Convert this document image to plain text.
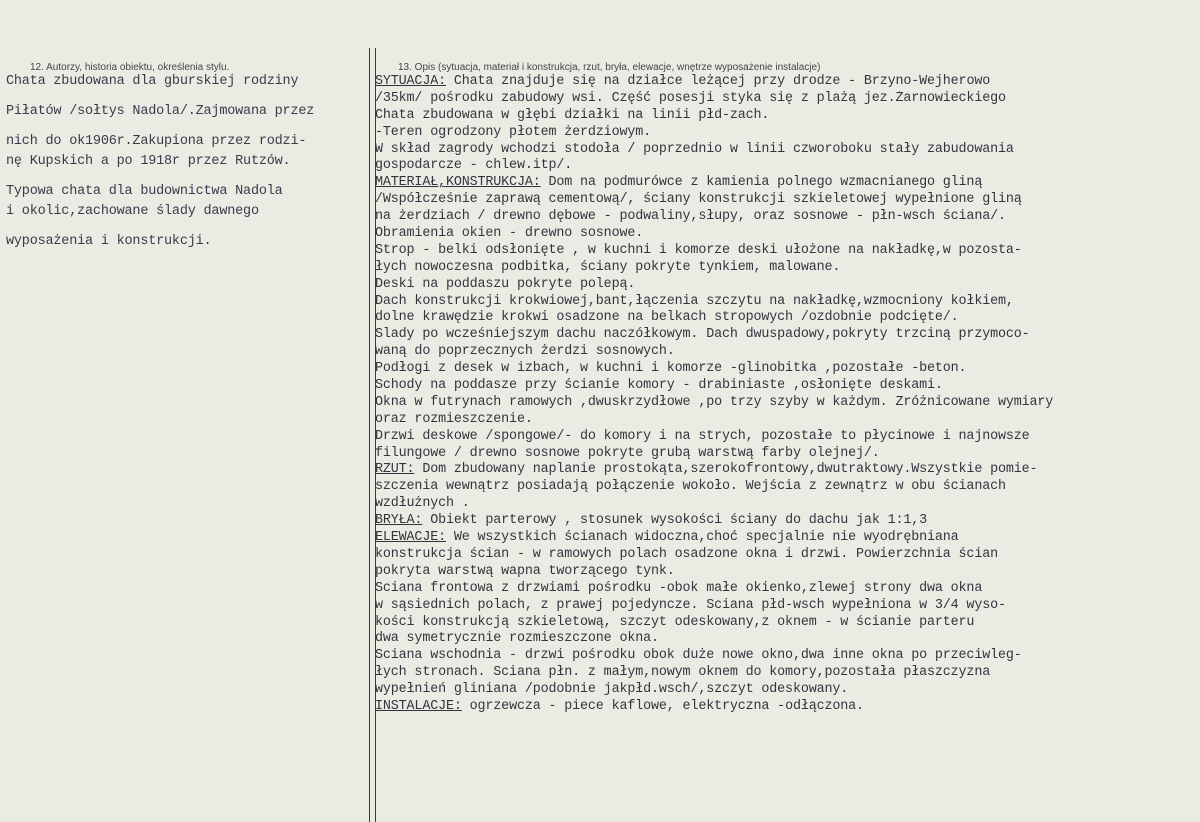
12. Autorzy, historia obiektu, określenia stylu.	13. Opis (sytuacja, materiał i konstrukcja, rzut, bryła, elewacje, wnętrze wyposażenie instalacje)
Chata zbudowana dla gburskiej rodziny
Piłatów /sołtys Nadola/.Zajmowana przez
nich do ok1906r.Zakupiona przez rodzi-
nę Kupskich a po 1918r przez Rutzów.
Typowa chata dla budownictwa Nadola
i okolic,zachowane ślady dawnego
wyposażenia i konstrukcji.
SYTUACJA: Chata znajduje się na działce leżącej przy drodze - Brzyno-Wejherowo
/35km/ pośrodku zabudowy wsi. Część posesji styka się z plażą jez.Żarnowieckiego
Chata zbudowana w głębi działki na linii płd-zach.
-Teren ogrodzony płotem żerdziowym.
W skład zagrody wchodzi stodoła / poprzednio w linii czworoboku stały zabudowania
gospodarcze - chlew.itp/.
MATERIAŁ,KONSTRUKCJA: Dom na podmurówce z kamienia polnego wzmacnianego gliną
/Współcześnie zaprawą cementową/, ściany konstrukcji szkieletowej wypełnione gliną
na żerdziach / drewno dębowe - podwaliny,słupy, oraz sosnowe - płn-wsch ściana/.
Obramienia okien - drewno sosnowe.
Strop - belki odsłonięte , w kuchni i komorze deski ułożone na nakładkę,w pozosta-
łych nowoczesna podbitka, ściany pokryte tynkiem, malowane.
Deski na poddaszu pokryte polepą.
Dach konstrukcji krokwiowej,bant,łączenia szczytu na nakładkę,wzmocniony kołkiem,
dolne krawędzie krokwi osadzone na belkach stropowych /ozdobnie podcięte/.
Ślady po wcześniejszym dachu naczółkowym. Dach dwuspadowy,pokryty trzciną przymoco-
waną do poprzecznych żerdzi sosnowych.
Podłogi z desek w izbach, w kuchni i komorze -glinobitka ,pozostałe -beton.
Schody na poddasze przy ścianie komory - drabiniaste ,osłonięte deskami.
Okna w futrynach ramowych ,dwuskrzydłowe ,po trzy szyby w każdym. Zróżnicowane wymiary
oraz rozmieszczenie.
Drzwi deskowe /spongowe/- do komory i na strych, pozostałe to płycinowe i najnowsze
filungowe / drewno sosnowe pokryte grubą warstwą farby olejnej/.
RZUT: Dom zbudowany naplanie prostokąta,szerokofrontowy,dwutraktowy.Wszystkie pomie-
szczenia wewnątrz posiadają połączenie wokoło. Wejścia z zewnątrz w obu ścianach
wzdłużnych .
BRYŁA: Obiekt parterowy , stosunek wysokości ściany do dachu jak 1:1,3
ELEWACJE: We wszystkich ścianach widoczna,choć specjalnie nie wyodrębniana
konstrukcja ścian - w ramowych polach osadzone okna i drzwi. Powierzchnia ścian
pokryta warstwą wapna tworzącego tynk.
Ściana frontowa z drzwiami pośrodku -obok małe okienko,zlewej strony dwa okna
w sąsiednich polach, z prawej pojedyncze. Ściana płd-wsch wypełniona w 3/4 wyso-
kości konstrukcją szkieletową, szczyt odeskowany,z oknem - w ścianie parteru
dwa symetrycznie rozmieszczone okna.
Ściana wschodnia - drzwi pośrodku obok duże nowe okno,dwa inne okna po przeciwleg-
łych stronach. Ściana płn. z małym,nowym oknem do komory,pozostała płaszczyzna
wypełnień gliniana /podobnie jakpłd.wsch/,szczyt odeskowany.
INSTALACJE: ogrzewcza - piece kaflowe, elektryczna -odłączona.
